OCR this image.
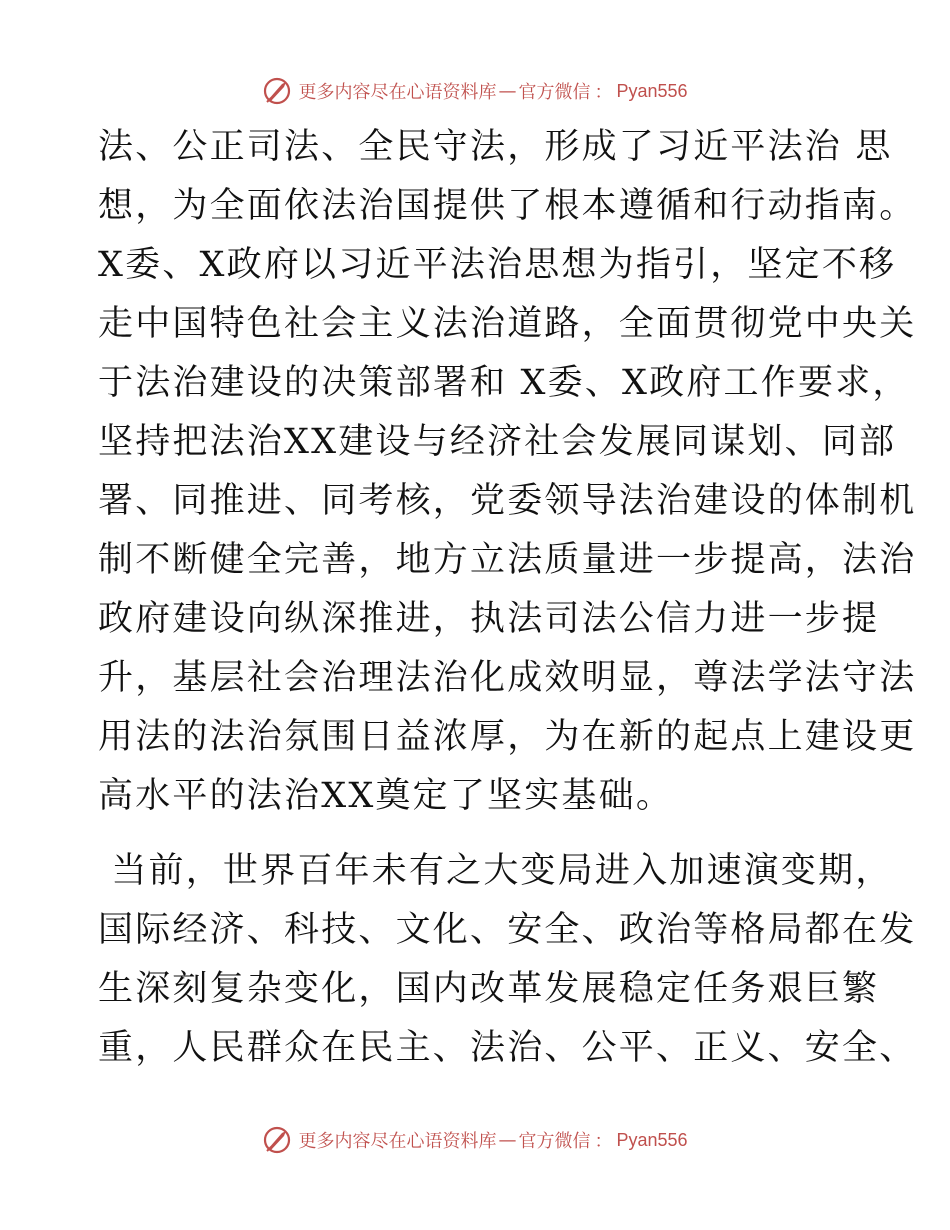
更多内容尽在心语资料库 — 官方微信 ： Pyan556
法、公正司法、全民守法，形成了习近平法治 思
想，为全面依法治国提供了根本遵循和行动指南。
X委、X政府以习近平法治思想为指引，坚定不移
走中国特色社会主义法治道路，全面贯彻党中央关
于法治建设的决策部署和 X委、X政府工作要求，
坚持把法治XX建设与经济社会发展同谋划、同部
署、同推进、同考核，党委领导法治建设的体制机
制不断健全完善，地方立法质量进一步提高，法治
政府建设向纵深推进，执法司法公信力进一步提
升，基层社会治理法治化成效明显，尊法学法守法
用法的法治氛围日益浓厚，为在新的起点上建设更
高水平的法治XX奠定了坚实基础。
当前，世界百年未有之大变局进入加速演变期，
国际经济、科技、文化、安全、政治等格局都在发
生深刻复杂变化，国内改革发展稳定任务艰巨繁
重，人民群众在民主、法治、公平、正义、安全、
更多内容尽在心语资料库 — 官方微信 ： Pyan556
